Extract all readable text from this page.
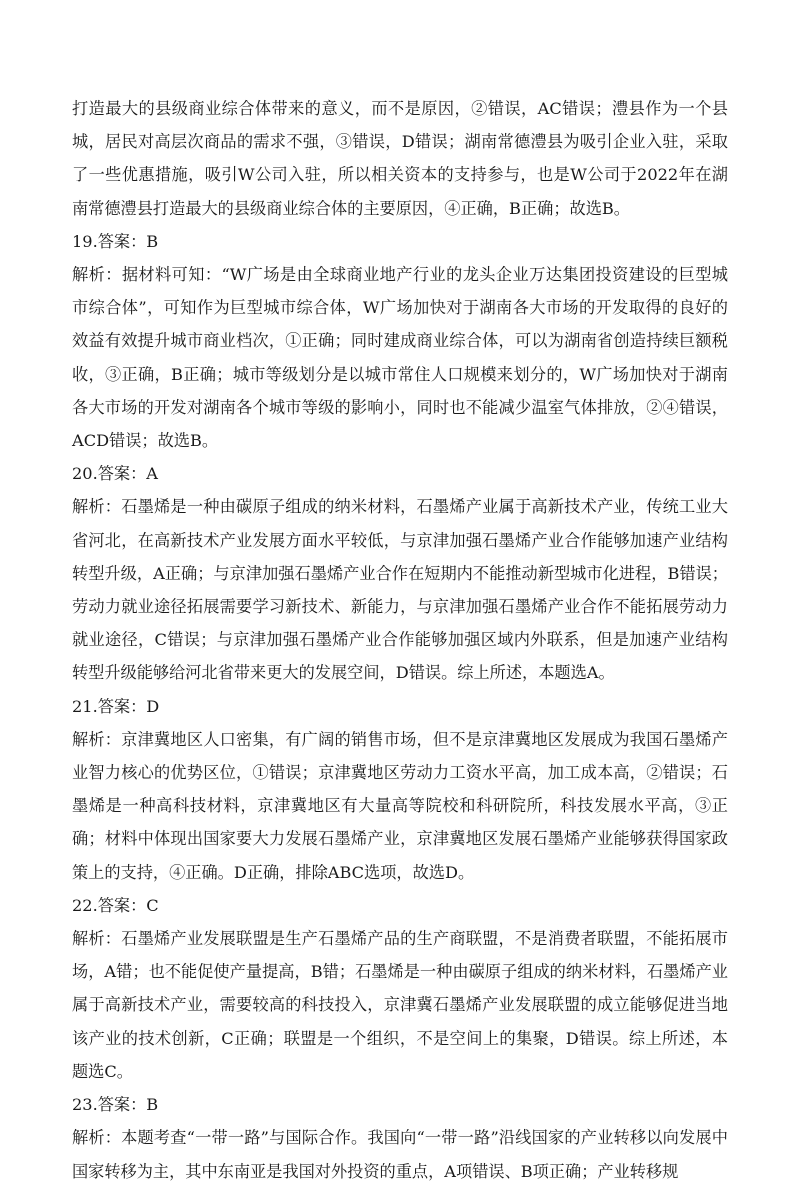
打造最大的县级商业综合体带来的意义，而不是原因，②错误，AC错误；澧县作为一个县城，居民对高层次商品的需求不强，③错误，D错误；湖南常德澧县为吸引企业入驻，采取了一些优惠措施，吸引W公司入驻，所以相关资本的支持参与，也是W公司于2022年在湖南常德澧县打造最大的县级商业综合体的主要原因，④正确，B正确；故选B。

19.答案：B

解析：据材料可知：“W广场是由全球商业地产行业的龙头企业万达集团投资建设的巨型城市综合体”，可知作为巨型城市综合体，W广场加快对于湖南各大市场的开发取得的良好的效益有效提升城市商业档次，①正确；同时建成商业综合体，可以为湖南省创造持续巨额税收，③正确，B正确；城市等级划分是以城市常住人口规模来划分的，W广场加快对于湖南各大市场的开发对湖南各个城市等级的影响小，同时也不能减少温室气体排放，②④错误，ACD错误；故选B。

20.答案：A

解析：石墨烯是一种由碳原子组成的纳米材料，石墨烯产业属于高新技术产业，传统工业大省河北，在高新技术产业发展方面水平较低，与京津加强石墨烯产业合作能够加速产业结构转型升级，A正确；与京津加强石墨烯产业合作在短期内不能推动新型城市化进程，B错误；劳动力就业途径拓展需要学习新技术、新能力，与京津加强石墨烯产业合作不能拓展劳动力就业途径，C错误；与京津加强石墨烯产业合作能够加强区域内外联系，但是加速产业结构转型升级能够给河北省带来更大的发展空间，D错误。综上所述，本题选A。

21.答案：D

解析：京津冀地区人口密集，有广阔的销售市场，但不是京津冀地区发展成为我国石墨烯产业智力核心的优势区位，①错误；京津冀地区劳动力工资水平高，加工成本高，②错误；石墨烯是一种高科技材料，京津冀地区有大量高等院校和科研院所，科技发展水平高，③正确；材料中体现出国家要大力发展石墨烯产业，京津冀地区发展石墨烯产业能够获得国家政策上的支持，④正确。D正确，排除ABC选项，故选D。

22.答案：C

解析：石墨烯产业发展联盟是生产石墨烯产品的生产商联盟，不是消费者联盟，不能拓展市场，A错；也不能促使产量提高，B错；石墨烯是一种由碳原子组成的纳米材料，石墨烯产业属于高新技术产业，需要较高的科技投入，京津冀石墨烯产业发展联盟的成立能够促进当地该产业的技术创新，C正确；联盟是一个组织，不是空间上的集聚，D错误。综上所述，本题选C。

23.答案：B

解析：本题考查“一带一路”与国际合作。我国向“一带一路”沿线国家的产业转移以向发展中国家转移为主，其中东南亚是我国对外投资的重点，A项错误、B项正确；产业转移规
